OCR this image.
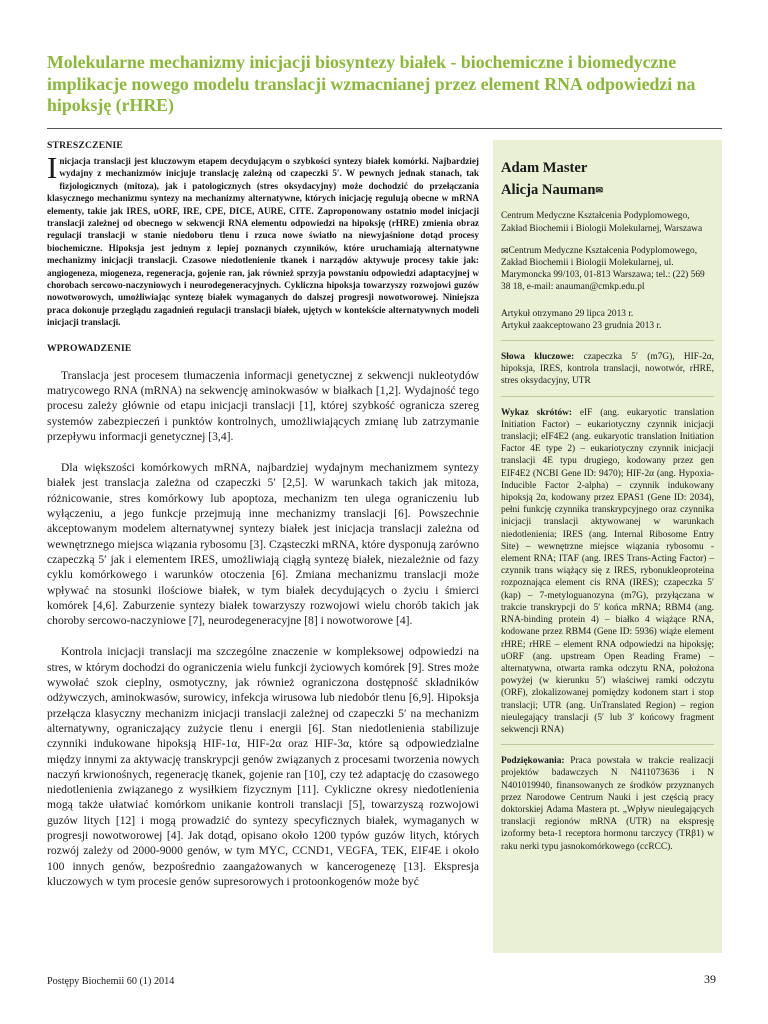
Molekularne mechanizmy inicjacji biosyntezy białek - biochemiczne i biomedyczne implikacje nowego modelu translacji wzmacnianej przez element RNA odpowiedzi na hipoksję (rHRE)
STRESZCZENIE

Inicjacja translacji jest kluczowym etapem decydującym o szybkości syntezy białek komórki. Najbardziej wydajny z mechanizmów inicjuje translację zależną od czapeczki 5′. W pewnych jednak stanach, tak fizjologicznych (mitoza), jak i patologicznych (stres oksydacyjny) może dochodzić do przełączania klasycznego mechanizmu syntezy na mechanizmy alternatywne, których inicjację regulują obecne w mRNA elementy, takie jak IRES, uORF, IRE, CPE, DICE, AURE, CITE. Zaproponowany ostatnio model inicjacji translacji zależnej od obecnego w sekwencji RNA elementu odpowiedzi na hipoksję (rHRE) zmienia obraz regulacji translacji w stanie niedoboru tlenu i rzuca nowe światło na niewyjaśnione dotąd procesy biochemiczne. Hipoksja jest jednym z lepiej poznanych czynników, które uruchamiają alternatywne mechanizmy inicjacji translacji. Czasowe niedotlenienie tkanek i narządów aktywuje procesy takie jak: angiogeneza, miogeneza, regeneracja, gojenie ran, jak również sprzyja powstaniu odpowiedzi adaptacyjnej w chorobach sercowo-naczyniowych i neurodegeneracyjnych. Cykliczna hipoksja towarzyszy rozwojowi guzów nowotworowych, umożliwiając syntezę białek wymaganych do dalszej progresji nowotworowej. Niniejsza praca dokonuje przeglądu zagadnień regulacji translacji białek, ujętych w kontekście alternatywnych modeli inicjacji translacji.

WPROWADZENIE

Translacja jest procesem tłumaczenia informacji genetycznej z sekwencji nukleotydów matrycowego RNA (mRNA) na sekwencję aminokwasów w białkach [1,2]. Wydajność tego procesu zależy głównie od etapu inicjacji translacji [1], której szybkość ogranicza szereg systemów zabezpieczeń i punktów kontrolnych, umożliwiających zmianę lub zatrzymanie przepływu informacji genetycznej [3,4].

Dla większości komórkowych mRNA, najbardziej wydajnym mechanizmem syntezy białek jest translacja zależna od czapeczki 5′ [2,5]. W warunkach takich jak mitoza, różnicowanie, stres komórkowy lub apoptoza, mechanizm ten ulega ograniczeniu lub wyłączeniu, a jego funkcje przejmują inne mechanizmy translacji [6]. Powszechnie akceptowanym modelem alternatywnej syntezy białek jest inicjacja translacji zależna od wewnętrznego miejsca wiązania rybosomu [3]. Cząsteczki mRNA, które dysponują zarówno czapeczką 5′ jak i elementem IRES, umożliwiają ciągłą syntezę białek, niezależnie od fazy cyklu komórkowego i warunków otoczenia [6]. Zmiana mechanizmu translacji może wpływać na stosunki ilościowe białek, w tym białek decydujących o życiu i śmierci komórek [4,6]. Zaburzenie syntezy białek towarzyszy rozwojowi wielu chorób takich jak choroby sercowo-naczyniowe [7], neurodegeneracyjne [8] i nowotworowe [4].

Kontrola inicjacji translacji ma szczególne znaczenie w kompleksowej odpowiedzi na stres, w którym dochodzi do ograniczenia wielu funkcji życiowych komórek [9]. Stres może wywołać szok cieplny, osmotyczny, jak również ograniczona dostępność składników odżywczych, aminokwasów, surowicy, infekcja wirusowa lub niedobór tlenu [6,9]. Hipoksja przełącza klasyczny mechanizm inicjacji translacji zależnej od czapeczki 5′ na mechanizm alternatywny, ograniczający zużycie tlenu i energii [6]. Stan niedotlenienia stabilizuje czynniki indukowane hipoksją HIF-1α, HIF-2α oraz HIF-3α, które są odpowiedzialne między innymi za aktywację transkrypcji genów związanych z procesami tworzenia nowych naczyń krwionośnych, regenerację tkanek, gojenie ran [10], czy też adaptację do czasowego niedotlenienia związanego z wysiłkiem fizycznym [11]. Cykliczne okresy niedotlenienia mogą także ułatwiać komórkom unikanie kontroli translacji [5], towarzyszą rozwojowi guzów litych [12] i mogą prowadzić do syntezy specyficznych białek, wymaganych w progresji nowotworowej [4]. Jak dotąd, opisano około 1200 typów guzów litych, których rozwój zależy od 2000-9000 genów, w tym MYC, CCND1, VEGFA, TEK, EIF4E i około 100 innych genów, bezpośrednio zaangażowanych w kancerogenezę [13]. Ekspresja kluczowych w tym procesie genów supresorowych i protoonkogenów może być

Adam Master
Alicja Nauman✉
Centrum Medyczne Kształcenia Podyplomowego, Zakład Biochemii i Biologii Molekularnej, Warszawa
✉Centrum Medyczne Kształcenia Podyplomowego, Zakład Biochemii i Biologii Molekularnej, ul. Marymoncka 99/103, 01-813 Warszawa; tel.: (22) 569 38 18, e-mail: anauman@cmkp.edu.pl
Artykuł otrzymano 29 lipca 2013 r.
Artykuł zaakceptowano 23 grudnia 2013 r.
Słowa kluczowe: czapeczka 5′ (m7G), HIF-2α, hipoksja, IRES, kontrola translacji, nowotwór, rHRE, stres oksydacyjny, UTR
Wykaz skrótów: eIF (ang. eukaryotic translation Initiation Factor) – eukariotyczny czynnik inicjacji translacji; eIF4E2 (ang. eukaryotic translation Initiation Factor 4E type 2) – eukariotyczny czynnik inicjacji translacji 4E typu drugiego, kodowany przez gen EIF4E2 (NCBI Gene ID: 9470); HIF-2α (ang. Hypoxia-Inducible Factor 2-alpha) – czynnik indukowany hipoksją 2α, kodowany przez EPAS1 (Gene ID: 2034), pełni funkcję czynnika transkrypcyjnego oraz czynnika inicjacji translacji aktywowanej w warunkach niedotlenienia; IRES (ang. Internal Ribosome Entry Site) – wewnętrzne miejsce wiązania rybosomu - element RNA; ITAF (ang. IRES Trans-Acting Factor) – czynnik trans wiążący się z IRES, rybonukleoproteina rozpoznająca element cis RNA (IRES); czapeczka 5′ (kap) – 7-metyloguanozyna (m7G), przyłączana w trakcie transkrypcji do 5′ końca mRNA; RBM4 (ang. RNA-binding protein 4) – białko 4 wiążące RNA, kodowane przez RBM4 (Gene ID: 5936) wiąże element rHRE; rHRE – element RNA odpowiedzi na hipoksję; uORF (ang. upstream Open Reading Frame) – alternatywna, otwarta ramka odczytu RNA, położona powyżej (w kierunku 5′) właściwej ramki odczytu (ORF), zlokalizowanej pomiędzy kodonem start i stop translacji; UTR (ang. UnTranslated Region) – region nieulegający translacji (5′ lub 3′ końcowy fragment sekwencji RNA)
Podziękowania: Praca powstała w trakcie realizacji projektów badawczych N N411073636 i N N401019940, finansowanych ze środków przyznanych przez Narodowe Centrum Nauki i jest częścią pracy doktorskiej Adama Mastera pt. „Wpływ nieulegających translacji regionów mRNA (UTR) na ekspresję izoformy beta-1 receptora hormonu tarczycy (TRβ1) w raku nerki typu jasnokomórkowego (ccRCC).
Postępy Biochemii 60 (1) 2014	39
